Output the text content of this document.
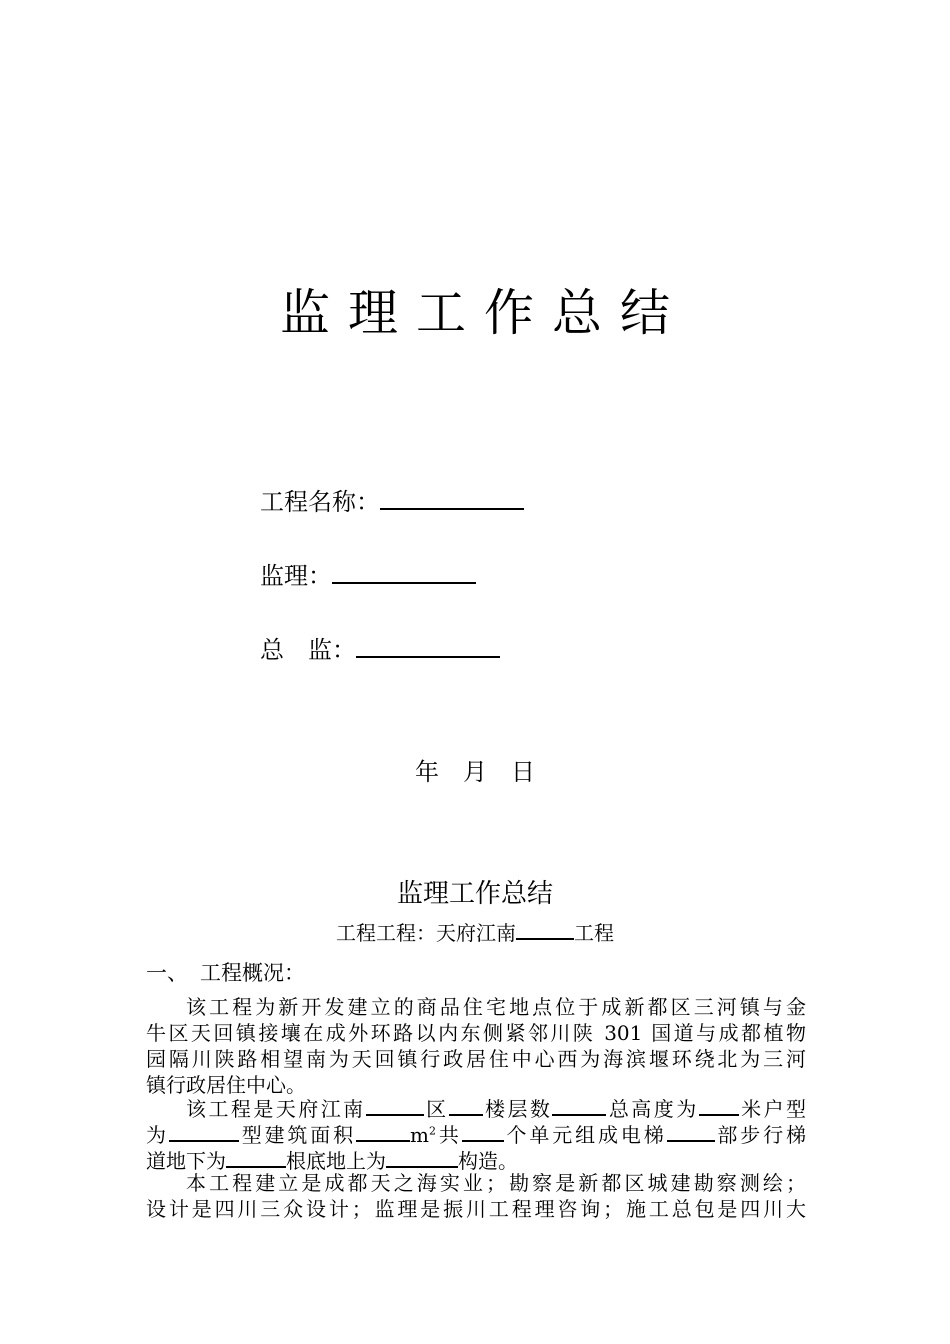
监理工作总结
工程名称：
监理：
总　监：
年　月　日
监理工作总结
工程工程：天府江南	工程
一、 工程概况：
该工程为新开发建立的商品住宅地点位于成新都区三河镇与金
牛区天回镇接壤在成外环路以内东侧紧邻川陕 301 国道与成都植物
园隔川陕路相望南为天回镇行政居住中心西为海滨堰环绕北为三河
镇行政居住中心。
该工程是天府江南	区 楼层数	总高度为 米户型
为	型建筑面积	$m^2$共 个单元组成电梯 部步行梯
道地下为	根底地上为	构造。
本工程建立是成都天之海实业；勘察是新都区城建勘察测绘；
设计是四川三众设计；监理是振川工程理咨询；施工总包是四川大
